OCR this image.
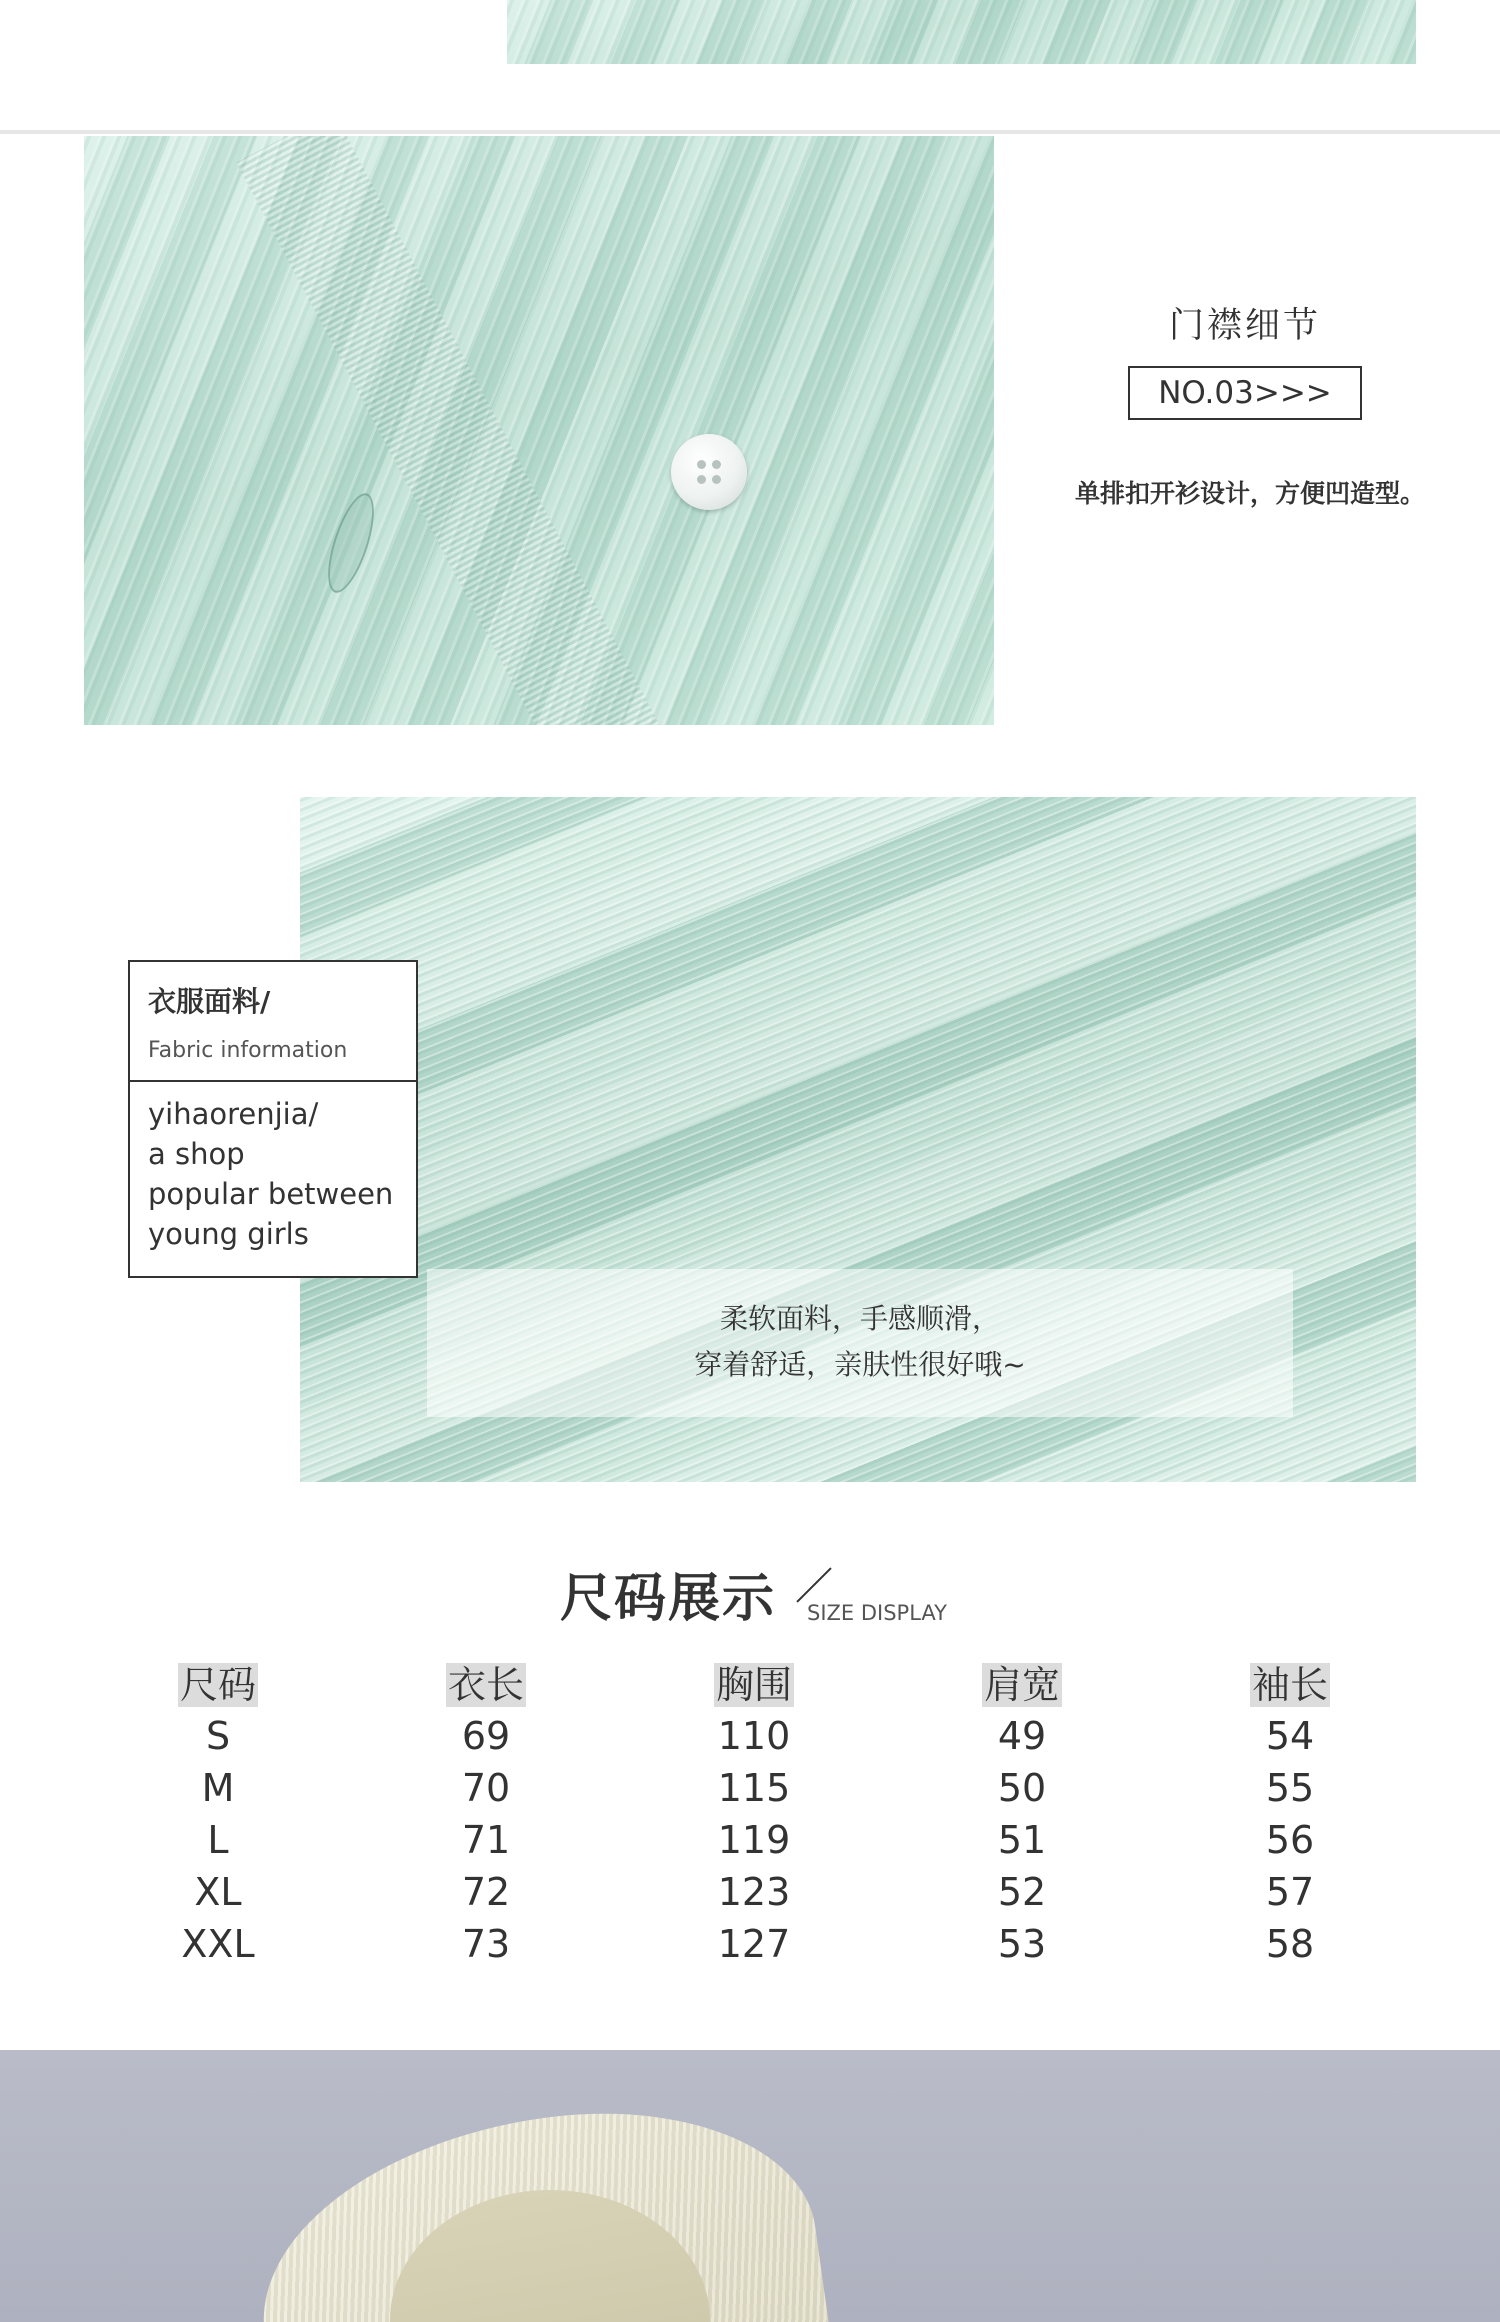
门襟细节
NO.03>>>
单排扣开衫设计，方便凹造型。
柔软面料，手感顺滑，
穿着舒适，亲肤性很好哦~
衣服面料/
Fabric information
yihaorenjia/
a shop
popular between
young girls
尺码展示 SIZE DISPLAY
尺码	衣长	胸围	肩宽	袖长
S	69	110	49	54
M	70	115	50	55
L	71	119	51	56
XL	72	123	52	57
XXL	73	127	53	58
